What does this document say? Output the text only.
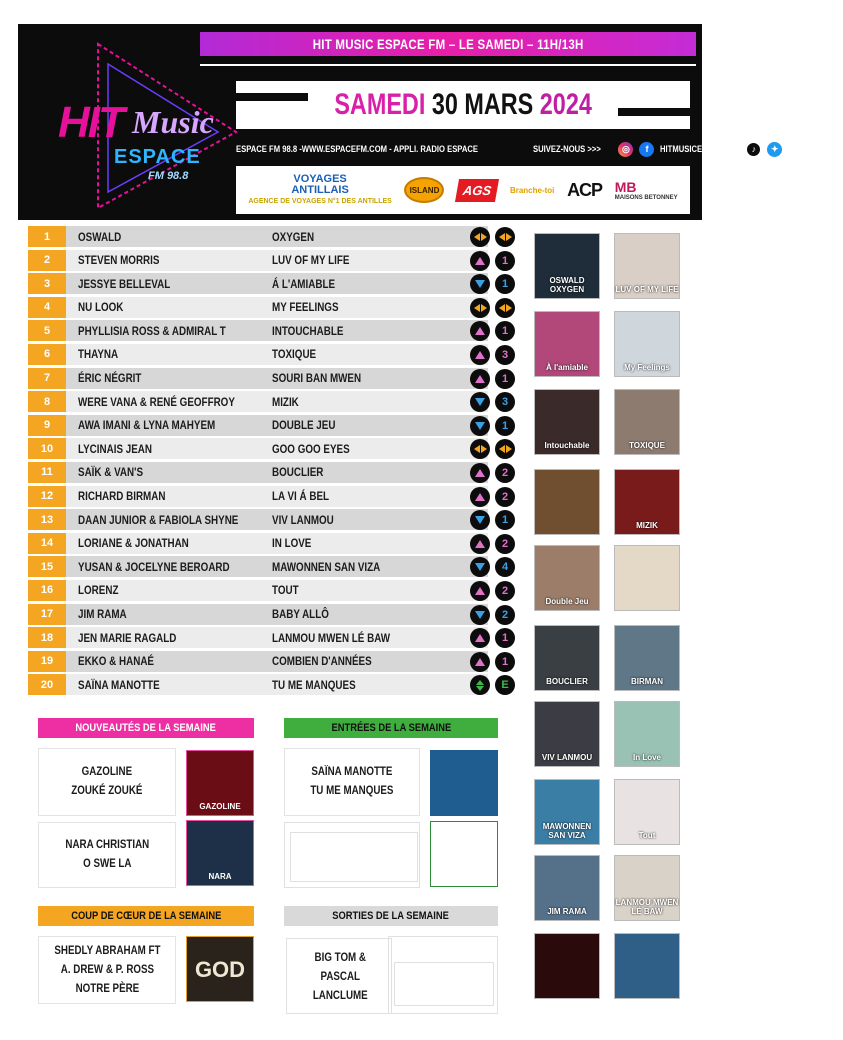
HIT Music
ESPACE
FM 98.8
HIT MUSIC ESPACE FM – LE SAMEDI – 11H/13H
SAMEDI 30 MARS 2024
ESPACE FM 98.8 -WWW.ESPACEFM.COM - APPLI. RADIO ESPACE	SUIVEZ-NOUS >>>	◎	f	HITMUSICESPACE	♪	✦	ESPACEFM988
VOYAGES
ANTILLAIS
AGENCE DE VOYAGES N°1 DES ANTILLES
ISLAND	AGS	Branche-toi ACP MB
MAISONS BETONNEY
1	OSWALD	OXYGEN
2	STEVEN MORRIS	LUV OF MY LIFE	1
3	JESSYE BELLEVAL	Á L'AMIABLE	1
4	NU LOOK	MY FEELINGS
5	PHYLLISIA ROSS & ADMIRAL T	INTOUCHABLE	1
6	THAYNA	TOXIQUE	3
7	ÉRIC NÉGRIT	SOURI BAN MWEN	1
8	WERE VANA & RENÉ GEOFFROY	MIZIK	3
9	AWA IMANI & LYNA MAHYEM	DOUBLE JEU	1
10	LYCINAIS JEAN	GOO GOO EYES
11	SAÏK & VAN'S	BOUCLIER	2
12	RICHARD BIRMAN	LA VI Á BEL	2
13	DAAN JUNIOR & FABIOLA SHYNE	VIV LANMOU	1
14	LORIANE & JONATHAN	IN LOVE	2
15	YUSAN & JOCELYNE BEROARD	MAWONNEN SAN VIZA	4
16	LORENZ	TOUT	2
17	JIM RAMA	BABY ALLÔ	2
18	JEN MARIE RAGALD	LANMOU MWEN LÉ BAW	1
19	EKKO & HANAÉ	COMBIEN D'ANNÉES	1
20	SAÏNA MANOTTE	TU ME MANQUES	E
OSWALD OXYGEN	LUV OF MY LIFE
À l'amiable	My Feelings
Intouchable	TOXIQUE
MIZIK
Double Jeu
BOUCLIER	BIRMAN
VIV LANMOU	In Love
MAWONNEN SAN VIZA	Tout
JIM RAMA
LANMOU MWEN LÉ BAW
NOUVEAUTÉS DE LA SEMAINE
GAZOLINE
ZOUKÉ ZOUKÉ
GAZOLINE
NARA CHRISTIAN
O SWE LA
NARA
ENTRÉES DE LA SEMAINE
SAÏNA MANOTTE
TU ME MANQUES
COUP DE CŒUR DE LA SEMAINE
SHEDLY ABRAHAM FT
A. DREW & P. ROSS
NOTRE PÈRE
GOD
SORTIES DE LA SEMAINE
BIG TOM &
PASCAL
LANCLUME
